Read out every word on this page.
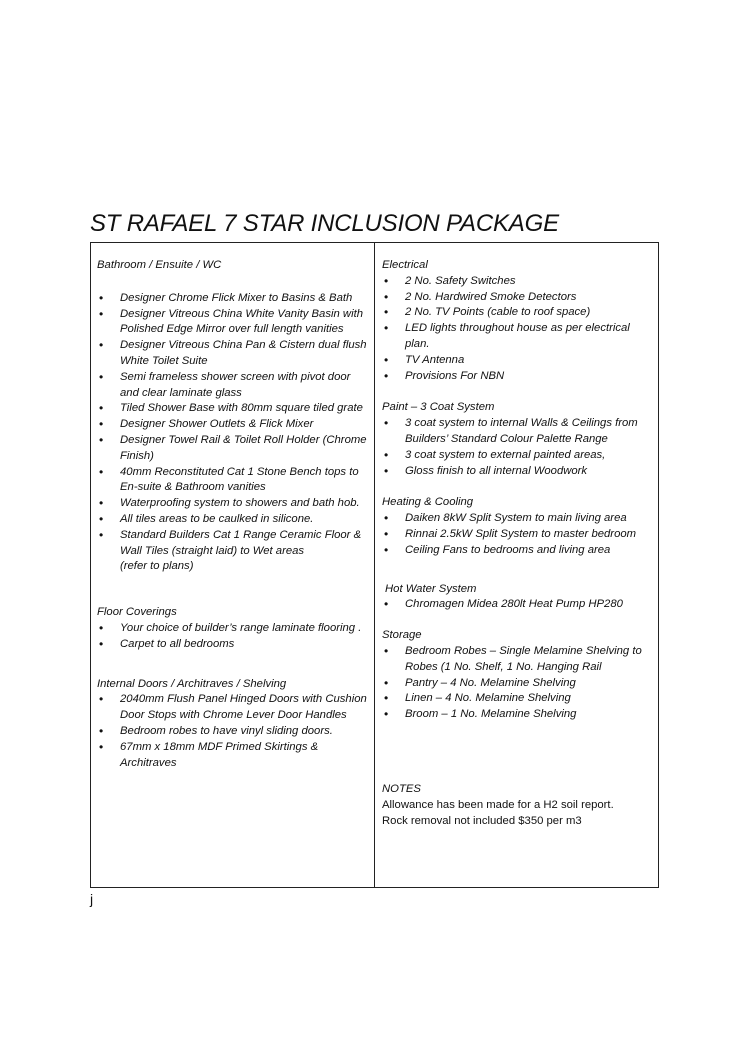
ST RAFAEL 7 STAR INCLUSION PACKAGE

Bathroom / Ensuite / WC

• Designer Chrome Flick Mixer to Basins & Bath
• Designer Vitreous China White Vanity Basin with Polished Edge Mirror over full length vanities
• Designer Vitreous China Pan & Cistern dual flush White Toilet Suite
• Semi frameless shower screen with pivot door and clear laminate glass
• Tiled Shower Base with 80mm square tiled grate
• Designer Shower Outlets & Flick Mixer
• Designer Towel Rail & Toilet Roll Holder (Chrome Finish)
• 40mm Reconstituted Cat 1 Stone Bench tops to En-suite & Bathroom vanities
• Waterproofing system to showers and bath hob.
• All tiles areas to be caulked in silicone.
• Standard Builders Cat 1 Range Ceramic Floor & Wall Tiles (straight laid) to Wet areas
(refer to plans)

Floor Coverings

• Your choice of builder’s range laminate flooring .
• Carpet to all bedrooms

Internal Doors / Architraves / Shelving

• 2040mm Flush Panel Hinged Doors with Cushion Door Stops with Chrome Lever Door Handles
• Bedroom robes to have vinyl sliding doors.
• 67mm x 18mm MDF Primed Skirtings & Architraves

Electrical

• 2 No. Safety Switches
• 2 No. Hardwired Smoke Detectors
• 2 No. TV Points (cable to roof space)
• LED lights throughout house as per electrical plan.
• TV Antenna
• Provisions For NBN

Paint – 3 Coat System

• 3 coat system to internal Walls & Ceilings from Builders’ Standard Colour Palette Range
• 3 coat system to external painted areas,
• Gloss finish to all internal Woodwork

Heating & Cooling

• Daiken 8kW Split System to main living area
• Rinnai 2.5kW Split System to master bedroom
• Ceiling Fans to bedrooms and living area

Hot Water System

• Chromagen Midea 280lt Heat Pump HP280

Storage

• Bedroom Robes – Single Melamine Shelving to Robes (1 No. Shelf, 1 No. Hanging Rail
• Pantry – 4 No. Melamine Shelving
• Linen – 4 No. Melamine Shelving
• Broom – 1 No. Melamine Shelving
NOTES
Allowance has been made for a H2 soil report.
Rock removal not included $350 per m3
j
